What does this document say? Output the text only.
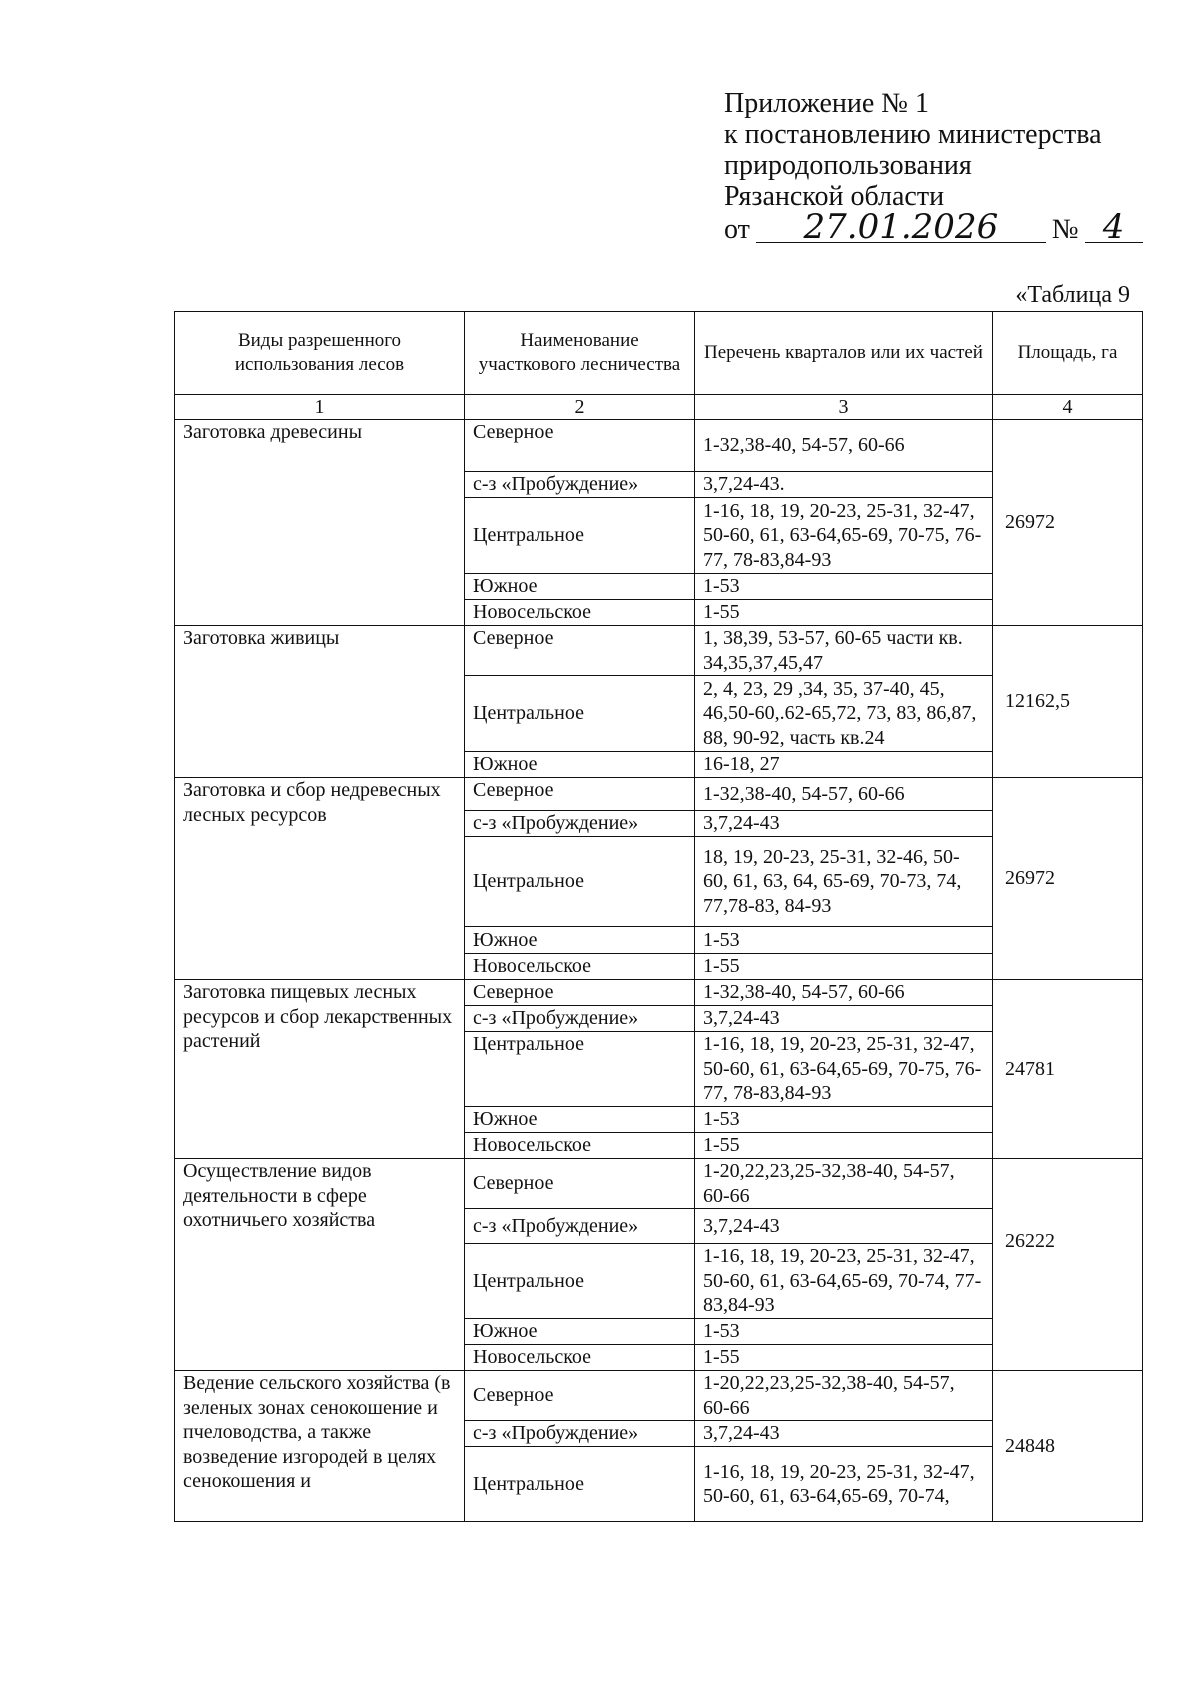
Приложение № 1
к постановлению министерства
природопользования
Рязанской области
от 27.01.2026 № 4
«Таблица 9
Виды разрешенного использования лесов	Наименование участкового лесничества	Перечень кварталов или их частей	Площадь, га
1	2	3	4
Заготовка древесины	Северное	1-32,38-40, 54-57, 60-66	26972
	с-з «Пробуждение»	3,7,24-43.	
	Центральное	1-16, 18, 19, 20-23, 25-31, 32-47, 50-60, 61, 63-64,65-69, 70-75, 76-77, 78-83,84-93	
	Южное	1-53	
	Новосельское	1-55	
Заготовка живицы	Северное	1, 38,39, 53-57, 60-65 части кв. 34,35,37,45,47	12162,5
	Центральное	2, 4, 23, 29 ,34, 35, 37-40, 45, 46,50-60,.62-65,72, 73, 83, 86,87, 88, 90-92, часть кв.24	
	Южное	16-18, 27	
Заготовка и сбор недревесных лесных ресурсов	Северное	1-32,38-40, 54-57, 60-66	26972
	с-з «Пробуждение»	3,7,24-43	
	Центральное	18, 19, 20-23, 25-31, 32-46, 50-60, 61, 63, 64, 65-69, 70-73, 74, 77,78-83, 84-93	
	Южное	1-53	
	Новосельское	1-55	
Заготовка пищевых лесных ресурсов и сбор лекарственных растений	Северное	1-32,38-40, 54-57, 60-66	24781
	с-з «Пробуждение»	3,7,24-43	
	Центральное	1-16, 18, 19, 20-23, 25-31, 32-47, 50-60, 61, 63-64,65-69, 70-75, 76-77, 78-83,84-93	
	Южное	1-53	
	Новосельское	1-55	
Осуществление видов деятельности в сфере охотничьего хозяйства	Северное	1-20,22,23,25-32,38-40, 54-57, 60-66	26222
	с-з «Пробуждение»	3,7,24-43	
	Центральное	1-16, 18, 19, 20-23, 25-31, 32-47, 50-60, 61, 63-64,65-69, 70-74, 77-83,84-93	
	Южное	1-53	
	Новосельское	1-55	
Ведение сельского хозяйства (в зеленых зонах сенокошение и пчеловодства, а также возведение изгородей в целях сенокошения и	Северное	1-20,22,23,25-32,38-40, 54-57, 60-66	24848
	с-з «Пробуждение»	3,7,24-43	
	Центральное	1-16, 18, 19, 20-23, 25-31, 32-47, 50-60, 61, 63-64,65-69, 70-74,	
